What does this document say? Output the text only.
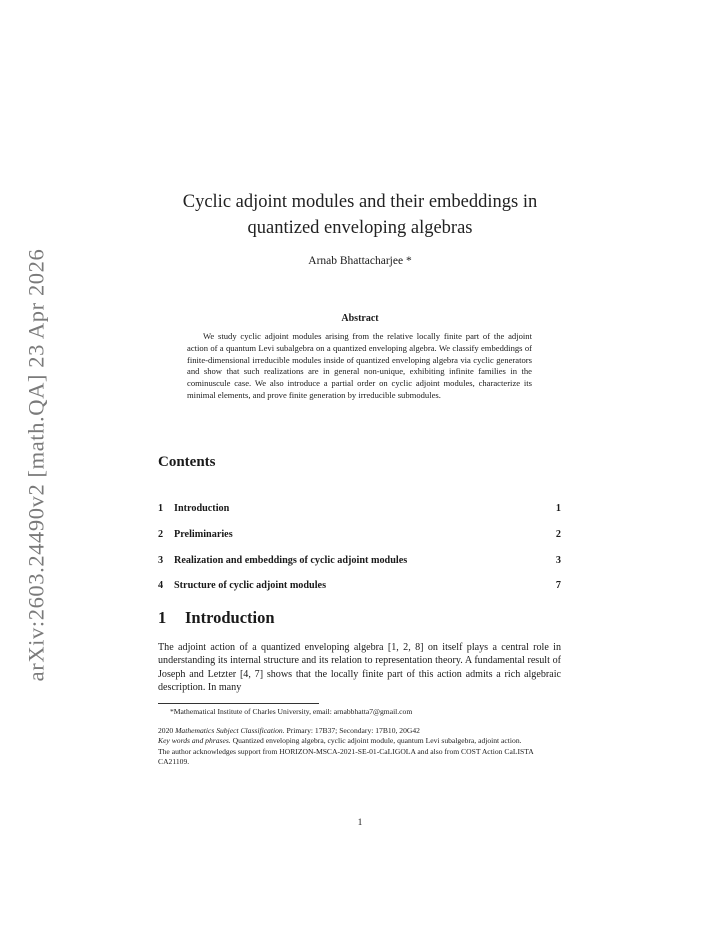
arXiv:2603.24490v2 [math.QA] 23 Apr 2026
Cyclic adjoint modules and their embeddings in
quantized enveloping algebras
Arnab Bhattacharjee *
Abstract
We study cyclic adjoint modules arising from the relative locally finite part of the adjoint action of a quantum Levi subalgebra on a quantized enveloping algebra. We classify embeddings of finite-dimensional irreducible modules inside of quantized enveloping algebra via cyclic generators and show that such realizations are in general non-unique, exhibiting infinite families in the cominuscule case. We also introduce a partial order on cyclic adjoint modules, characterize its minimal elements, and prove finite generation by irreducible submodules.
Contents
1	Introduction	1
2	Preliminaries	2
3	Realization and embeddings of cyclic adjoint modules	3
4	Structure of cyclic adjoint modules	7
1 Introduction
The adjoint action of a quantized enveloping algebra [1, 2, 8] on itself plays a central role in understanding its internal structure and its relation to representation theory. A fundamental result of Joseph and Letzter [4, 7] shows that the locally finite part of this action admits a rich algebraic description. In many
*Mathematical Institute of Charles University, email: arnabbhatta7@gmail.com
2020 Mathematics Subject Classification. Primary: 17B37; Secondary: 17B10, 20G42
Key words and phrases. Quantized enveloping algebra, cyclic adjoint module, quantum Levi subalgebra, adjoint action.
The author acknowledges support from HORIZON-MSCA-2021-SE-01-CaLIGOLA and also from COST Action CaLISTA CA21109.
1
